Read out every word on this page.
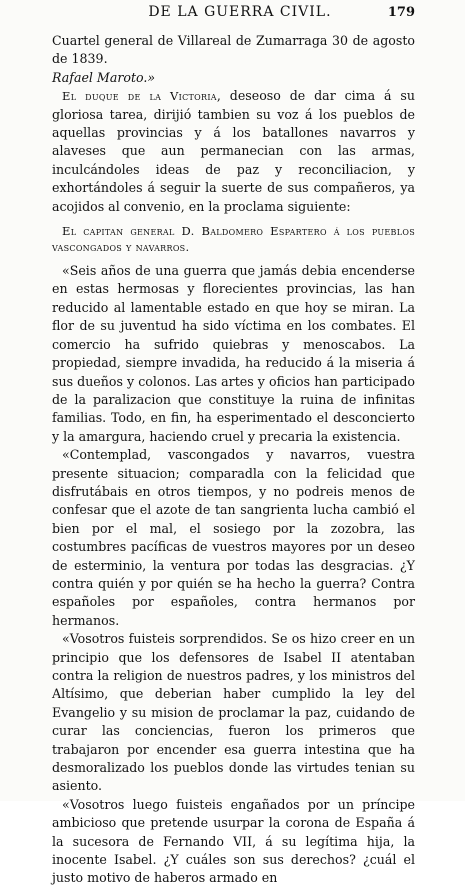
DE LA GUERRA CIVIL.	179

Cuartel general de Villareal de Zumarraga 30 de agosto de 1839.

Rafael Maroto.»

El duque de la Victoria, deseoso de dar cima á su gloriosa tarea, dirijió tambien su voz á los pueblos de aquellas provincias y á los batallones navarros y alaveses que aun permanecian con las armas, inculcándoles ideas de paz y reconciliacion, y exhortándoles á seguir la suerte de sus compañeros, ya acojidos al convenio, en la proclama siguiente:

El capitan general D. Baldomero Espartero á los pueblos vascongados y navarros.

«Seis años de una guerra que jamás debia encenderse en estas hermosas y florecientes provincias, las han reducido al lamentable estado en que hoy se miran. La flor de su juventud ha sido víctima en los combates. El comercio ha sufrido quiebras y menoscabos. La propiedad, siempre invadida, ha reducido á la miseria á sus dueños y colonos. Las artes y oficios han participado de la paralizacion que constituye la ruina de infinitas familias. Todo, en fin, ha esperimentado el desconcierto y la amargura, haciendo cruel y precaria la existencia.

«Contemplad, vascongados y navarros, vuestra presente situacion; comparadla con la felicidad que disfrutábais en otros tiempos, y no podreis menos de confesar que el azote de tan sangrienta lucha cambió el bien por el mal, el sosiego por la zozobra, las costumbres pacíficas de vuestros mayores por un deseo de esterminio, la ventura por todas las desgracias. ¿Y contra quién y por quién se ha hecho la guerra? Contra españoles por españoles, contra hermanos por hermanos.

«Vosotros fuisteis sorprendidos. Se os hizo creer en un principio que los defensores de Isabel II atentaban contra la religion de nuestros padres, y los ministros del Altísimo, que deberian haber cumplido la ley del Evangelio y su mision de proclamar la paz, cuidando de curar las conciencias, fueron los primeros que trabajaron por encender esa guerra intestina que ha desmoralizado los pueblos donde las virtudes tenian su asiento.

«Vosotros luego fuisteis engañados por un príncipe ambicioso que pretende usurpar la corona de España á la sucesora de Fernando VII, á su legítima hija, la inocente Isabel. ¿Y cuáles son sus derechos? ¿cuál el justo motivo de haberos armado en
